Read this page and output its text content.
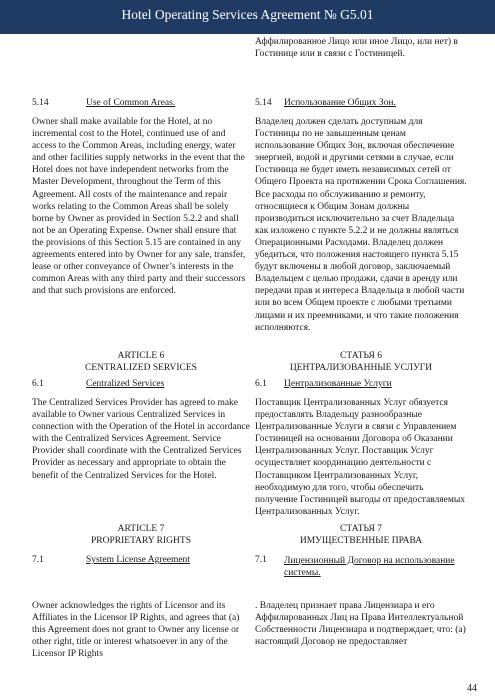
Hotel Operating Services Agreement № G5.01
Аффилированное Лицо или иное Лицо, или нет) в Гостинице или в связи с Гостиницей.
5.14	Use of Common Areas.	5.14 Использование Общих Зон.
Owner shall make available for the Hotel, at no incremental cost to the Hotel, continued use of and access to the Common Areas, including energy, water and other facilities supply networks in the event that the Hotel does not have independent networks from the Master Development, throughout the Term of this Agreement. All costs of the maintenance and repair works relating to the Common Areas shall be solely borne by Owner as provided in Section 5.2.2 and shall not be an Operating Expense. Owner shall ensure that the provisions of this Section 5.15 are contained in any agreements entered into by Owner for any sale, transfer, lease or other conveyance of Owner’s interests in the common Areas with any third party and their successors and that such provisions are enforced.
Владелец должен сделать доступным для Гостиницы по не завышенным ценам использование Общих Зон, включая обеспечение энергией, водой и другими сетями в случае, если Гостиница не будет иметь независимых сетей от Общего Проекта на протяжении Срока Соглашения. Все расходы по обслуживанию и ремонту, относящиеся к Общим Зонам должны производиться исключительно за счет Владельца как изложено с пункте 5.2.2 и не должны являться Операционными Расходами. Владелец должен убедиться, что положения настоящего пункта 5.15 будут включены в любой договор, заключаемый Владельцем с целью продажи, сдачи в аренду или передачи прав и интереса Владельца в любой части или во всем Общем проекте с любыми третьими лицами и их преемниками, и что такие положения исполняются.
ARTICLE 6
CENTRALIZED SERVICES
СТАТЬЯ 6
ЦЕНТРАЛИЗОВАННЫЕ УСЛУГИ
6.1	Centralized Services	6.1 Централизованные Услуги
The Centralized Services Provider has agreed to make available to Owner various Centralized Services in connection with the Operation of the Hotel in accordance with the Centralized Services Agreement. Service Provider shall coordinate with the Centralized Services Provider as necessary and appropriate to obtain the benefit of the Centralized Services for the Hotel.
Поставщик Централизованных Услуг обязуется предоставлять Владельцу разнообразные Централизованные Услуги в связи с Управлением Гостиницей на основании Договора об Оказании Централизованных Услуг. Поставщик Услуг осуществляет координацию деятельности с Поставщиком Централизованных Услуг, необходимую для того, чтобы обеспечить получение Гостиницей выгоды от предоставляемых Централизованных Услуг.
ARTICLE 7
PROPRIETARY RIGHTS
СТАТЬЯ 7
ИМУЩЕСТВЕННЫЕ ПРАВА
7.1	System License Agreement	7.1 Лицензионный Договор на использование системы.
Owner acknowledges the rights of Licensor and its Affiliates in the Licensor IP Rights, and agrees that (a) this Agreement does not grant to Owner any license or other right, title or interest whatsoever in any of the Licensor IP Rights
. Владелец признает права Лицензиара и его Аффилированных Лиц на Права Интеллектуальной Собственности Лицензиара и подтверждает, что: (а) настоящий Договор не предоставляет
44
